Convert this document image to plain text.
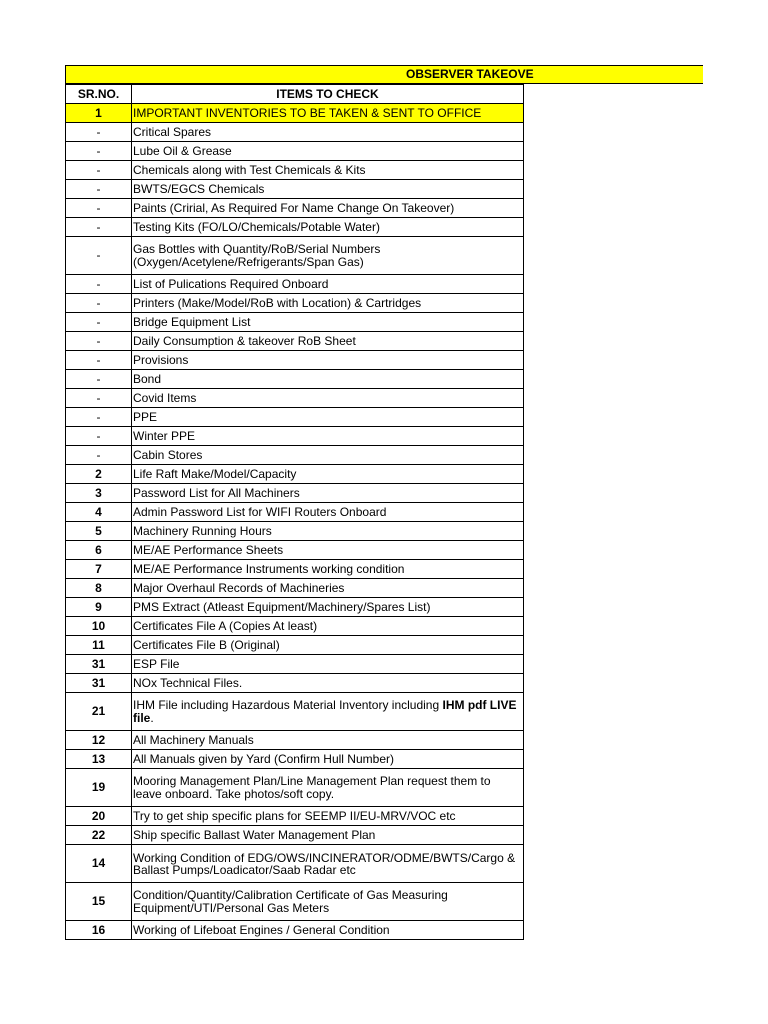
OBSERVER TAKEOVE
SR.NO.	ITEMS TO CHECK
1	IMPORTANT INVENTORIES TO BE TAKEN & SENT TO OFFICE
-	Critical Spares
-	Lube Oil & Grease
-	Chemicals along with Test Chemicals & Kits
-	BWTS/EGCS Chemicals
-	Paints (Cririal, As Required For Name Change On Takeover)
-	Testing Kits (FO/LO/Chemicals/Potable Water)
-	Gas Bottles with Quantity/RoB/Serial Numbers (Oxygen/Acetylene/Refrigerants/Span Gas)
-	List of Pulications Required Onboard
-	Printers (Make/Model/RoB with Location) & Cartridges
-	Bridge Equipment List
-	Daily Consumption & takeover RoB Sheet
-	Provisions
-	Bond
-	Covid Items
-	PPE
-	Winter PPE
-	Cabin Stores
2	Life Raft Make/Model/Capacity
3	Password List for All Machiners
4	Admin Password List for WIFI Routers Onboard
5	Machinery Running Hours
6	ME/AE Performance Sheets
7	ME/AE Performance Instruments working condition
8	Major Overhaul Records of Machineries
9	PMS Extract (Atleast Equipment/Machinery/Spares List)
10	Certificates File A (Copies At least)
11	Certificates File B (Original)
31	ESP File
31	NOx Technical Files.
21	IHM File including Hazardous Material Inventory including IHM pdf LIVE file.
12	All Machinery Manuals
13	All Manuals given by Yard (Confirm Hull Number)
19	Mooring Management Plan/Line Management Plan request them to leave onboard. Take photos/soft copy.
20	Try to get ship specific plans for SEEMP II/EU-MRV/VOC etc
22	Ship specific Ballast Water Management Plan
14	Working Condition of EDG/OWS/INCINERATOR/ODME/BWTS/Cargo & Ballast Pumps/Loadicator/Saab Radar etc
15	Condition/Quantity/Calibration Certificate of Gas Measuring Equipment/UTI/Personal Gas Meters
16	Working of Lifeboat Engines / General Condition
